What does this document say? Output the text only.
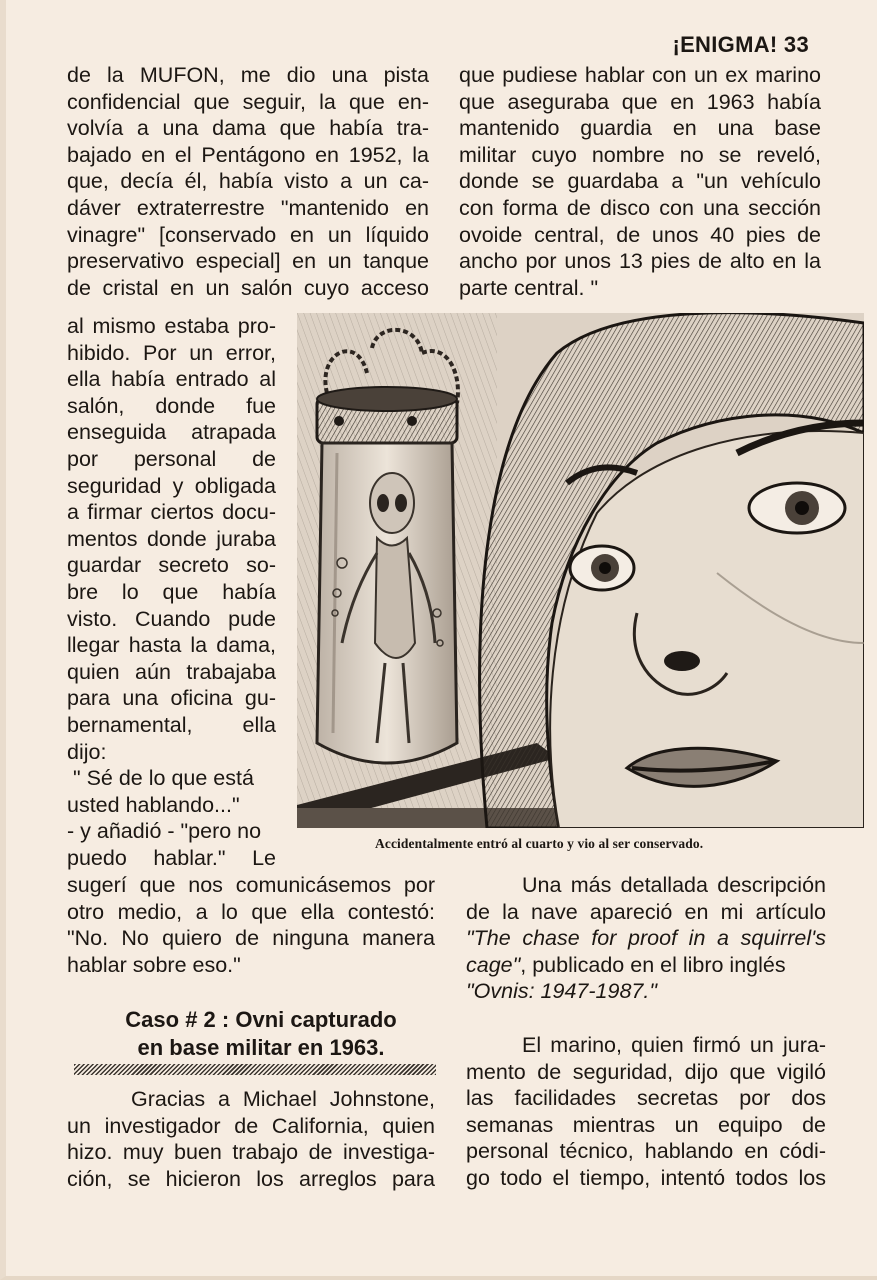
¡ENIGMA! 33
de la MUFON, me dio una pista
confidencial que seguir, la que en-
volvía a una dama que había tra-
bajado en el Pentágono en 1952, la
que, decía él, había visto a un ca-
dáver extraterrestre "mantenido en
vinagre" [conservado en un líquido
preservativo especial] en un tanque
de cristal en un salón cuyo acceso
al mismo estaba pro-
hibido. Por un error,
ella había entrado al
salón, donde fue
enseguida atrapada
por personal de
seguridad y obligada
a firmar ciertos docu-
mentos donde juraba
guardar secreto so-
bre lo que había
visto. Cuando pude
llegar hasta la dama,
quien aún trabajaba
para una oficina gu-
bernamental, ella
dijo:
" Sé de lo que está
usted hablando..."
- y añadió - "pero no
puedo hablar." Le
sugerí que nos comunicásemos por
otro medio, a lo que ella contestó:
"No. No quiero de ninguna manera
hablar sobre eso."
Caso # 2 : Ovni capturado
en base militar en 1963.
Gracias a Michael Johnstone,
un investigador de California, quien
hizo. muy buen trabajo de investiga-
ción, se hicieron los arreglos para
que pudiese hablar con un ex marino
que aseguraba que en 1963 había
mantenido guardia en una base
militar cuyo nombre no se reveló,
donde se guardaba a "un vehículo
con forma de disco con una sección
ovoide central, de unos 40 pies de
ancho por unos 13 pies de alto en la
parte central. "
Accidentalmente entró al cuarto y vio al ser conservado.
Una más detallada descripción
de la nave apareció en mi artículo
"The chase for proof in a squirrel's
cage", publicado en el libro inglés
"Ovnis: 1947-1987."
El marino, quien firmó un jura-
mento de seguridad, dijo que vigiló
las facilidades secretas por dos
semanas mientras un equipo de
personal técnico, hablando en códi-
go todo el tiempo, intentó todos los
